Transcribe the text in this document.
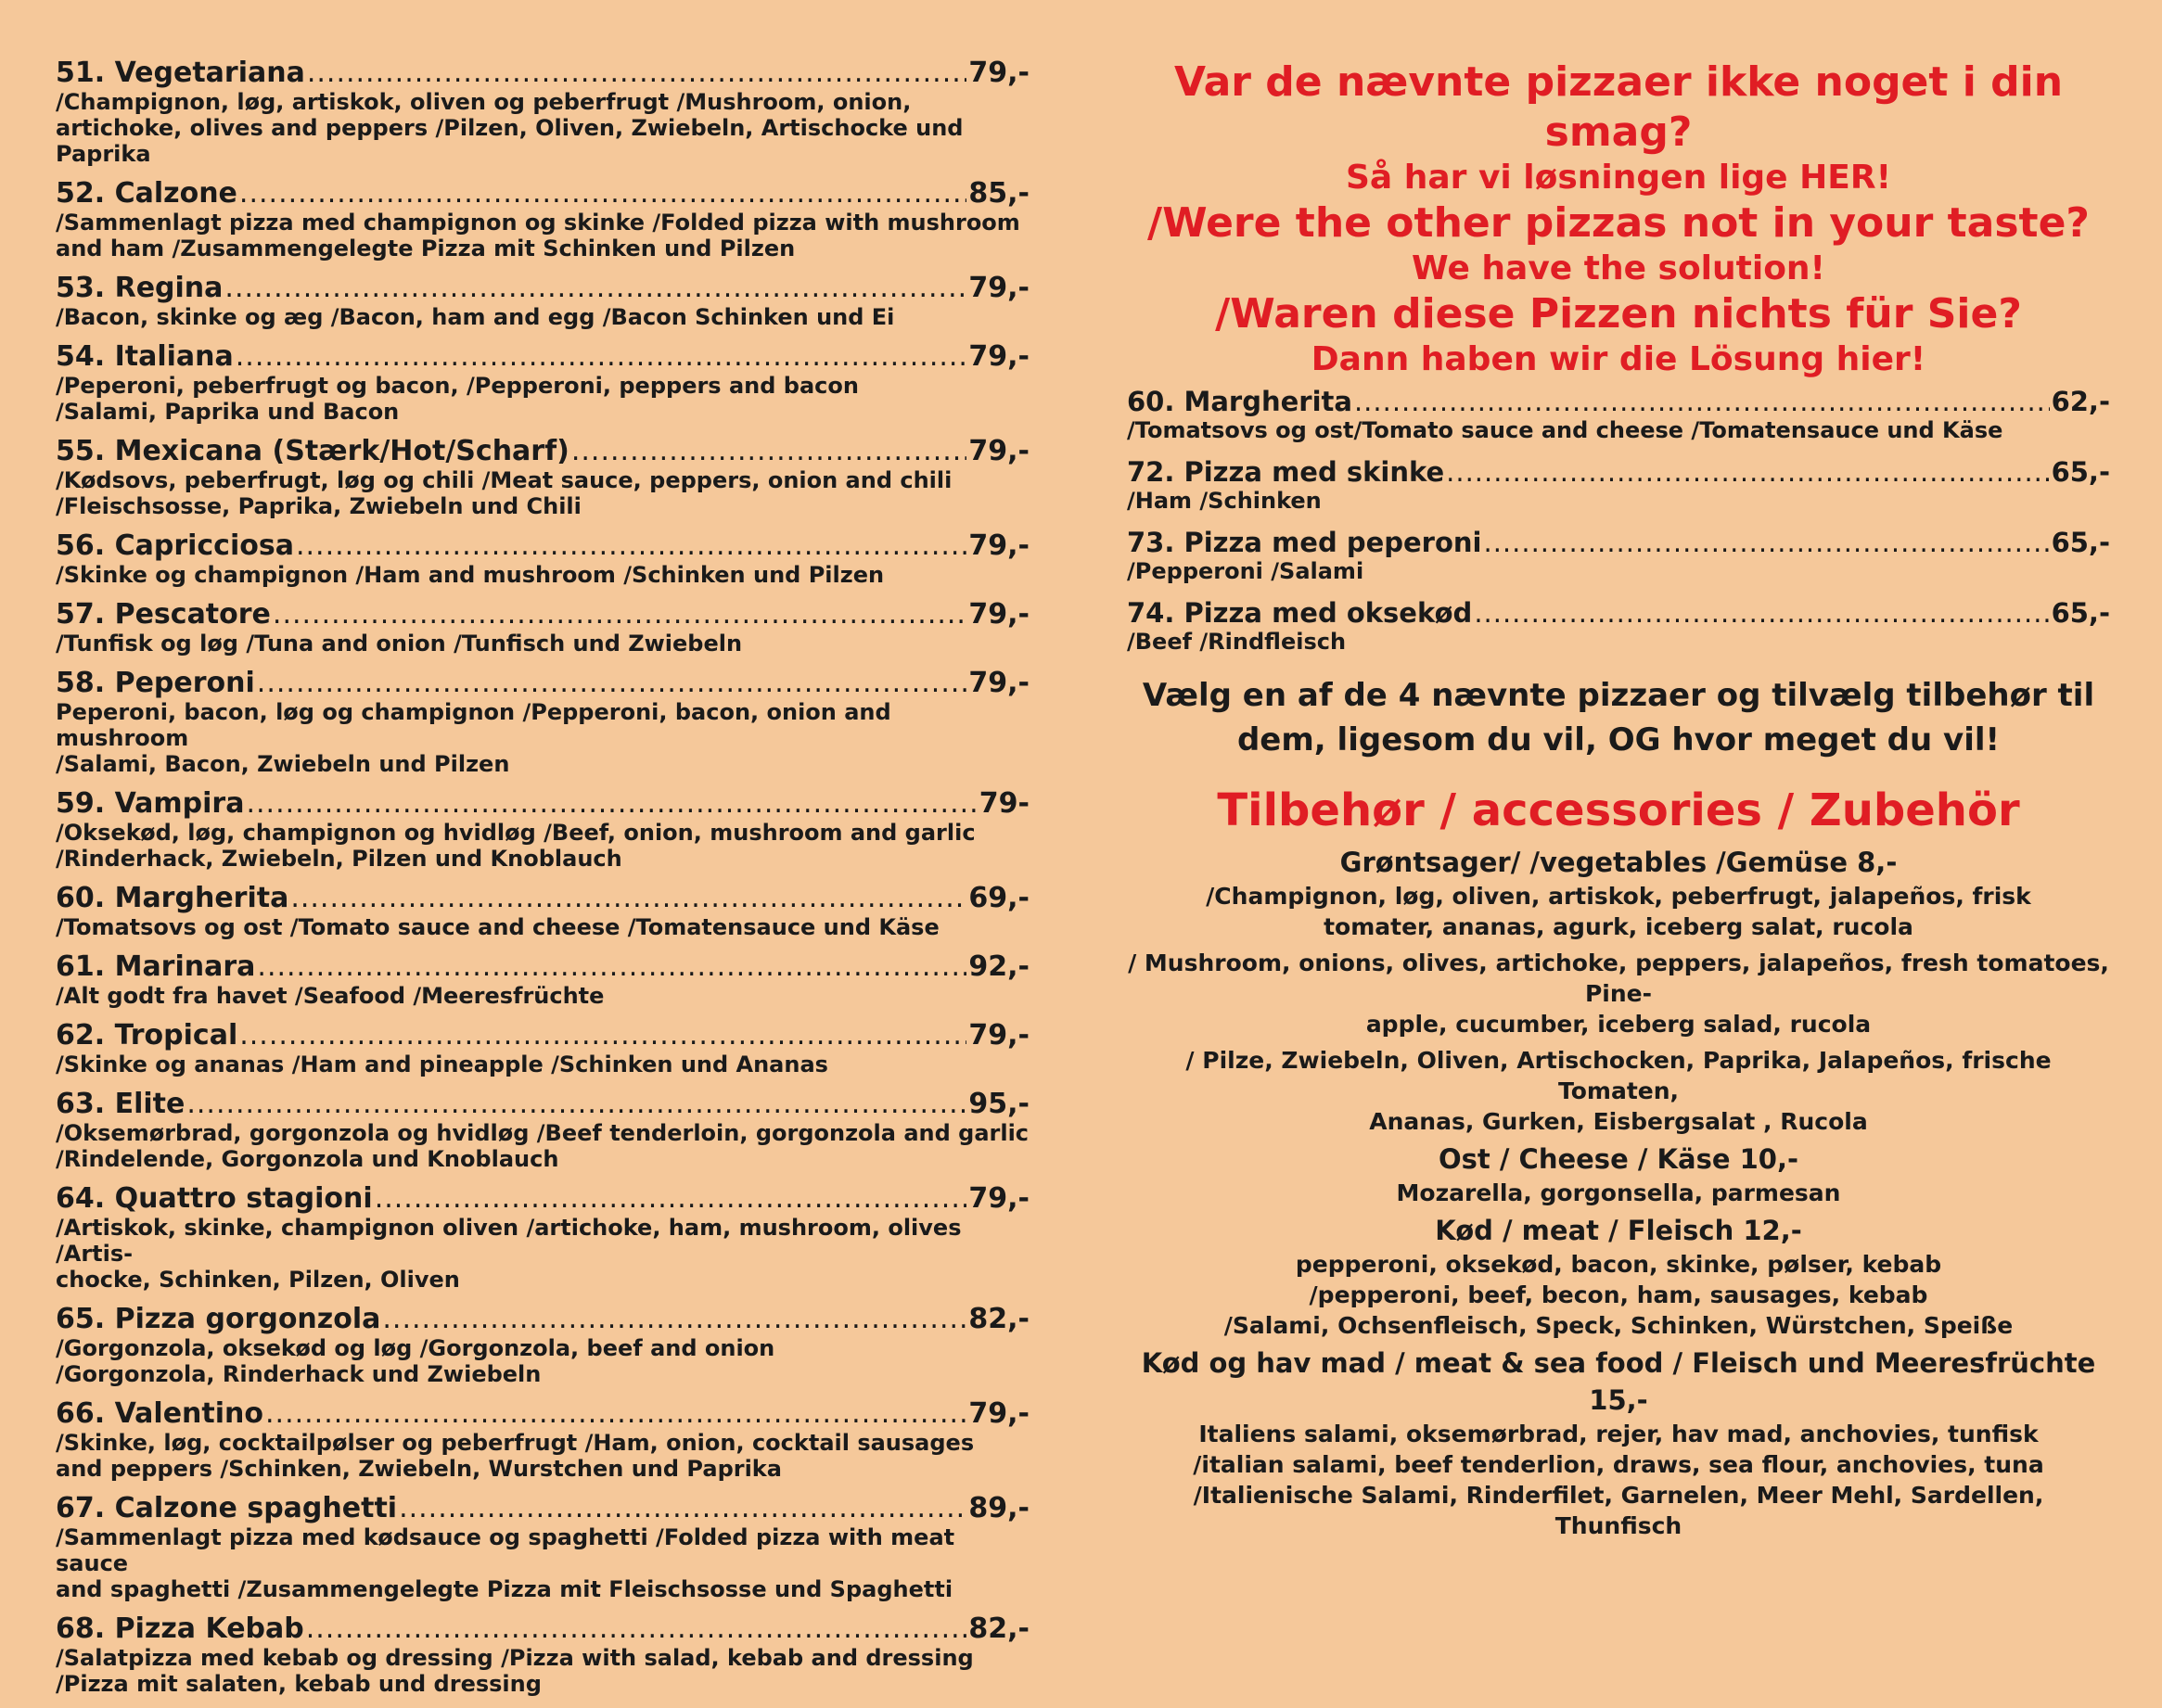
51. Vegetariana .....	79,-
/Champignon, løg, artiskok, oliven og peberfrugt /Mushroom, onion,
artichoke, olives and peppers /Pilzen, Oliven, Zwiebeln, Artischocke und Paprika
52. Calzone .....	85,-
/Sammenlagt pizza med champignon og skinke /Folded pizza with mushroom
and ham /Zusammengelegte Pizza mit Schinken und Pilzen
53. Regina .....	79,-
/Bacon, skinke og æg /Bacon, ham and egg /Bacon Schinken und Ei
54. Italiana .....	79,-
/Peperoni, peberfrugt og bacon, /Pepperoni, peppers and bacon
/Salami, Paprika und Bacon
55. Mexicana (Stærk/Hot/Scharf) .....	79,-
/Kødsovs, peberfrugt, løg og chili /Meat sauce, peppers, onion and chili
/Fleischsosse, Paprika, Zwiebeln und Chili
56. Capricciosa .....	79,-
/Skinke og champignon /Ham and mushroom /Schinken und Pilzen
57. Pescatore .....	79,-
/Tunfisk og løg /Tuna and onion /Tunfisch und Zwiebeln
58. Peperoni .....	79,-
Peperoni, bacon, løg og champignon /Pepperoni, bacon, onion and mushroom
/Salami, Bacon, Zwiebeln und Pilzen
59. Vampira .....	79-
/Oksekød, løg, champignon og hvidløg /Beef, onion, mushroom and garlic
/Rinderhack, Zwiebeln, Pilzen und Knoblauch
60. Margherita .....	69,-
/Tomatsovs og ost /Tomato sauce and cheese /Tomatensauce und Käse
61. Marinara .....	92,-
/Alt godt fra havet /Seafood /Meeresfrüchte
62. Tropical .....	79,-
/Skinke og ananas /Ham and pineapple /Schinken und Ananas
63. Elite .....	95,-
/Oksemørbrad, gorgonzola og hvidløg /Beef tenderloin, gorgonzola and garlic
/Rindelende, Gorgonzola und Knoblauch
64. Quattro stagioni .....	79,-
/Artiskok, skinke, champignon oliven /artichoke, ham, mushroom, olives /Artis-
chocke, Schinken, Pilzen, Oliven
65. Pizza gorgonzola .....	82,-
/Gorgonzola, oksekød og løg /Gorgonzola, beef and onion
/Gorgonzola, Rinderhack und Zwiebeln
66. Valentino .....	79,-
/Skinke, løg, cocktailpølser og peberfrugt /Ham, onion, cocktail sausages
and peppers /Schinken, Zwiebeln, Wurstchen und Paprika
67. Calzone spaghetti .....	89,-
/Sammenlagt pizza med kødsauce og spaghetti /Folded pizza with meat sauce
and spaghetti /Zusammengelegte Pizza mit Fleischsosse und Spaghetti
68. Pizza Kebab .....	82,-
/Salatpizza med kebab og dressing /Pizza with salad, kebab and dressing
/Pizza mit salaten, kebab und dressing
Var de nævnte pizzaer ikke noget i din smag?
Så har vi løsningen lige HER!
/Were the other pizzas not in your taste?
We have the solution!
/Waren diese Pizzen nichts für Sie?
Dann haben wir die Lösung hier!
60. Margherita .....	62,-
/Tomatsovs og ost/Tomato sauce and cheese /Tomatensauce und Käse
72. Pizza med skinke .....	65,-
/Ham /Schinken
73. Pizza med peperoni .....	65,-
/Pepperoni /Salami
74. Pizza med oksekød .....	65,-
/Beef /Rindfleisch
Vælg en af de 4 nævnte pizzaer og tilvælg tilbehør til
dem, ligesom du vil, OG hvor meget du vil!
Tilbehør / accessories / Zubehör
Grøntsager/ /vegetables /Gemüse 8,-
/Champignon, løg, oliven, artiskok, peberfrugt, jalapeños, frisk
tomater, ananas, agurk, iceberg salat, rucola
/ Mushroom, onions, olives, artichoke, peppers, jalapeños, fresh tomatoes, Pine-
apple, cucumber, iceberg salad, rucola
/ Pilze, Zwiebeln, Oliven, Artischocken, Paprika, Jalapeños, frische Tomaten,
Ananas, Gurken, Eisbergsalat , Rucola
Ost / Cheese / Käse 10,-
Mozarella, gorgonsella, parmesan
Kød / meat / Fleisch 12,-
pepperoni, oksekød, bacon, skinke, pølser, kebab
/pepperoni, beef, becon, ham, sausages, kebab
/Salami, Ochsenfleisch, Speck, Schinken, Würstchen, Speiße
Kød og hav mad / meat & sea food / Fleisch und Meeresfrüchte 15,-
Italiens salami, oksemørbrad, rejer, hav mad, anchovies, tunfisk
/italian salami, beef tenderlion, draws, sea flour, anchovies, tuna
/Italienische Salami, Rinderfilet, Garnelen, Meer Mehl, Sardellen, Thunfisch
